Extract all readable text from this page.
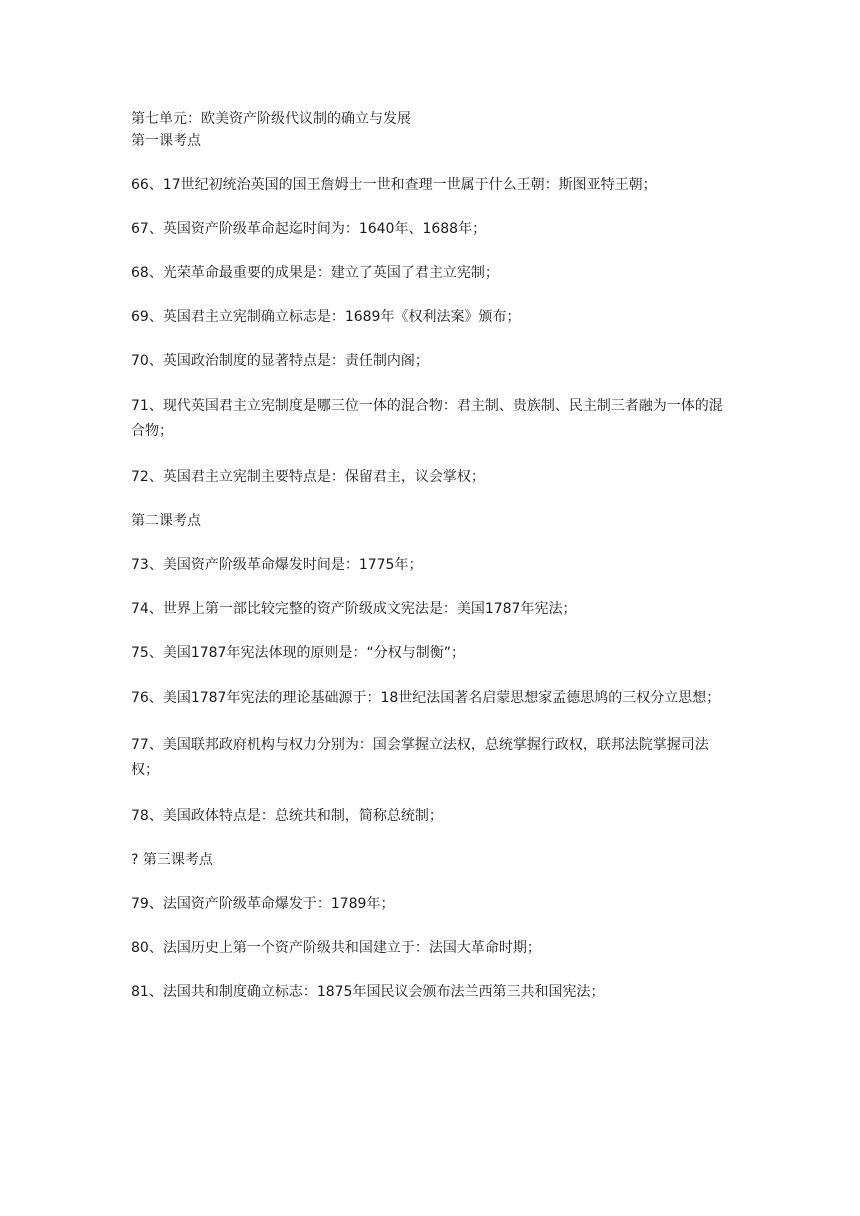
第七单元：欧美资产阶级代议制的确立与发展

第一课考点

66、17世纪初统治英国的国王詹姆士一世和查理一世属于什么王朝：斯图亚特王朝；

67、英国资产阶级革命起迄时间为：1640年、1688年；

68、光荣革命最重要的成果是：建立了英国了君主立宪制；

69、英国君主立宪制确立标志是：1689年《权利法案》颁布；

70、英国政治制度的显著特点是：责任制内阁；

71、现代英国君主立宪制度是哪三位一体的混合物：君主制、贵族制、民主制三者融为一体的混合物；

72、英国君主立宪制主要特点是：保留君主，议会掌权；

第二课考点

73、美国资产阶级革命爆发时间是：1775年；

74、世界上第一部比较完整的资产阶级成文宪法是：美国1787年宪法；

75、美国1787年宪法体现的原则是：“分权与制衡”；

76、美国1787年宪法的理论基础源于：18世纪法国著名启蒙思想家孟德思鸠的三权分立思想；

77、美国联邦政府机构与权力分别为：国会掌握立法权，总统掌握行政权，联邦法院掌握司法权；

78、美国政体特点是：总统共和制，简称总统制；

? 第三课考点

79、法国资产阶级革命爆发于：1789年；

80、法国历史上第一个资产阶级共和国建立于：法国大革命时期；

81、法国共和制度确立标志：1875年国民议会颁布法兰西第三共和国宪法；
